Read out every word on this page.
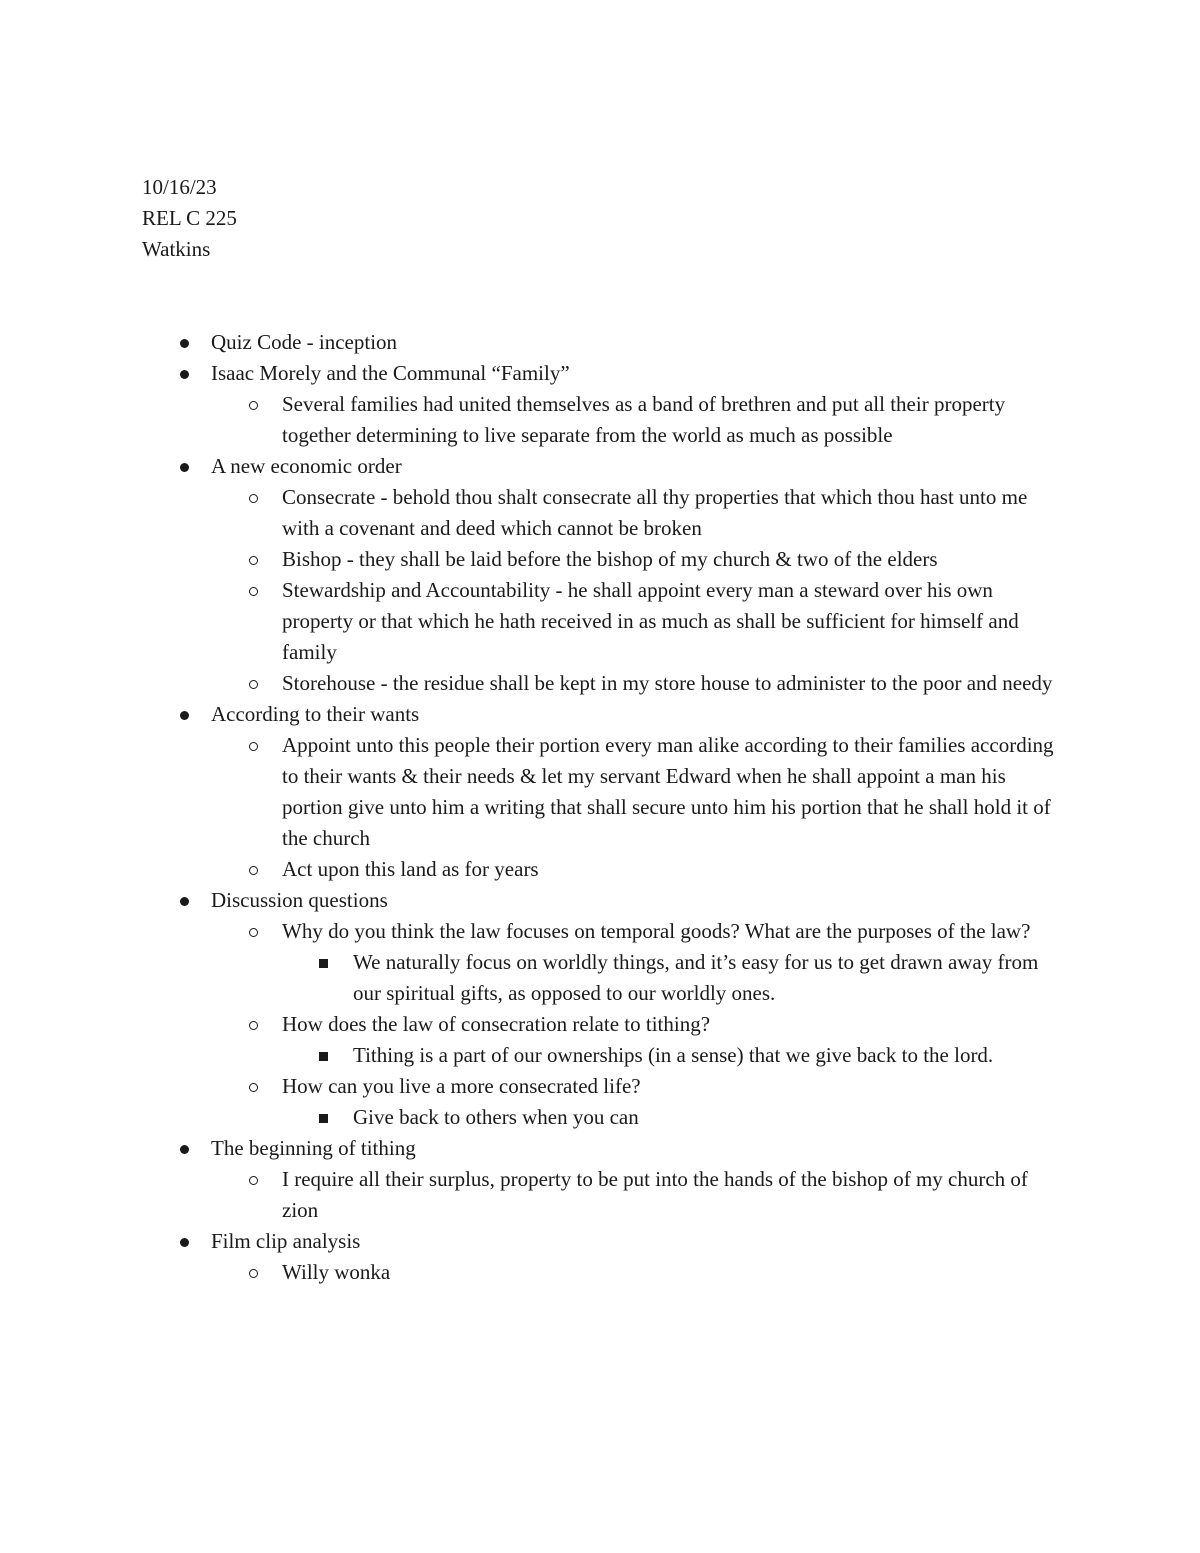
10/16/23
REL C 225
Watkins
Quiz Code - inception
Isaac Morely and the Communal “Family”
Several families had united themselves as a band of brethren and put all their property together determining to live separate from the world as much as possible
A new economic order
Consecrate - behold thou shalt consecrate all thy properties that which thou hast unto me with a covenant and deed which cannot be broken
Bishop - they shall be laid before the bishop of my church & two of the elders
Stewardship and Accountability - he shall appoint every man a steward over his own property or that which he hath received in as much as shall be sufficient for himself and family
Storehouse - the residue shall be kept in my store house to administer to the poor and needy
According to their wants
Appoint unto this people their portion every man alike according to their families according to their wants & their needs & let my servant Edward when he shall appoint a man his portion give unto him a writing that shall secure unto him his portion that he shall hold it of the church
Act upon this land as for years
Discussion questions
Why do you think the law focuses on temporal goods? What are the purposes of the law?
We naturally focus on worldly things, and it’s easy for us to get drawn away from our spiritual gifts, as opposed to our worldly ones.
How does the law of consecration relate to tithing?
Tithing is a part of our ownerships (in a sense) that we give back to the lord.
How can you live a more consecrated life?
Give back to others when you can
The beginning of tithing
I require all their surplus, property to be put into the hands of the bishop of my church of zion
Film clip analysis
Willy wonka
